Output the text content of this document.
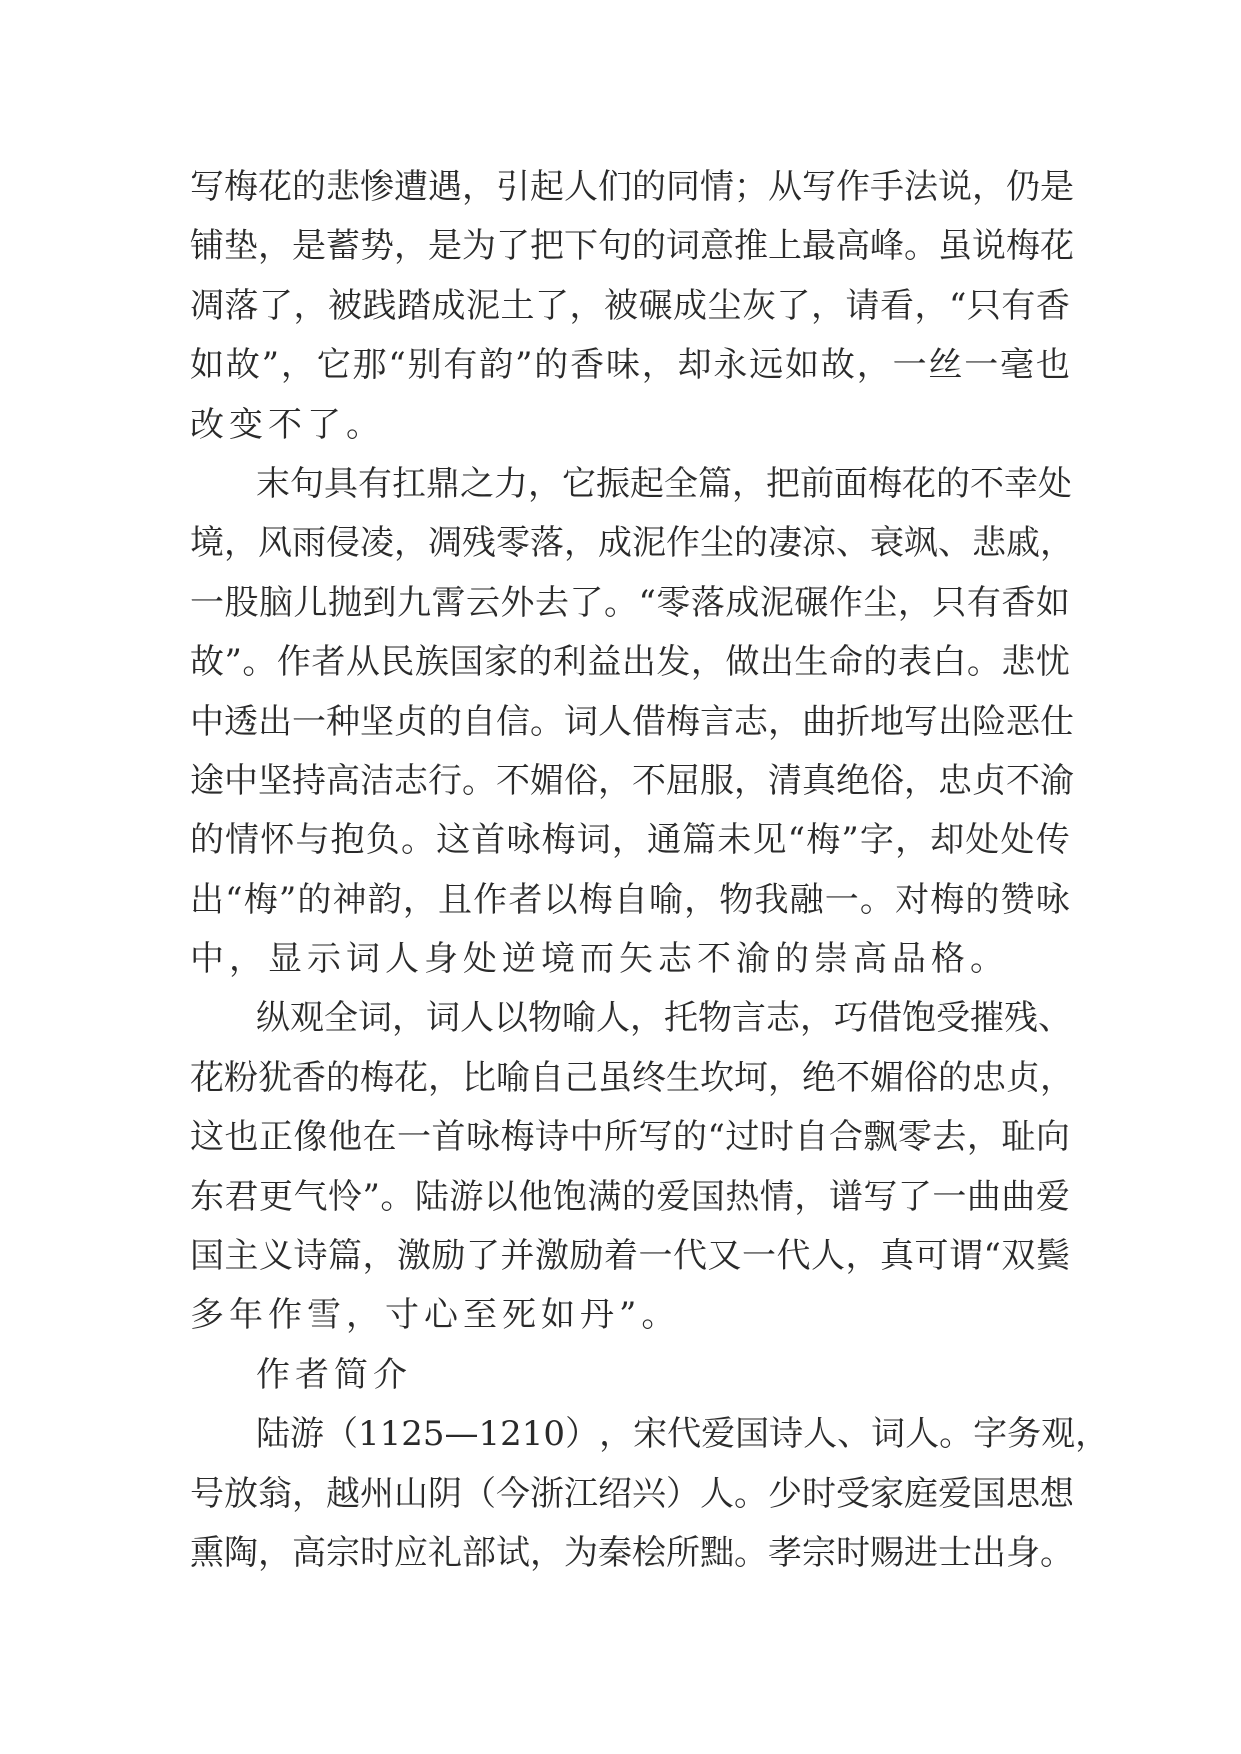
写 梅 花 的 悲 惨 遭 遇 ， 引 起 人 们 的 同 情 ； 从 写 作 手 法 说 ， 仍 是
铺 垫 ， 是 蓄 势 ， 是 为 了 把 下 句 的 词 意 推 上 最 高 峰 。 虽 说 梅 花
凋 落 了 ， 被 践 踏 成 泥 土 了 ， 被 碾 成 尘 灰 了 ， 请 看 ， “ 只 有 香
如 故 ” ， 它 那 “ 别 有 韵 ” 的 香 味 ， 却 永 远 如 故 ， 一 丝 一 毫 也
改变不了。
末 句 具 有 扛 鼎 之 力 ， 它 振 起 全 篇 ， 把 前 面 梅 花 的 不 幸 处
境 ， 风 雨 侵 凌 ， 凋 残 零 落 ， 成 泥 作 尘 的 凄 凉 、 衰 飒 、 悲 戚 ，
一 股 脑 儿 抛 到 九 霄 云 外 去 了 。 “ 零 落 成 泥 碾 作 尘 ， 只 有 香 如
故 ” 。 作 者 从 民 族 国 家 的 利 益 出 发 ， 做 出 生 命 的 表 白 。 悲 忧
中 透 出 一 种 坚 贞 的 自 信 。 词 人 借 梅 言 志 ， 曲 折 地 写 出 险 恶 仕
途 中 坚 持 高 洁 志 行 。 不 媚 俗 ， 不 屈 服 ， 清 真 绝 俗 ， 忠 贞 不 渝
的 情 怀 与 抱 负 。 这 首 咏 梅 词 ， 通 篇 未 见 “ 梅 ” 字 ， 却 处 处 传
出 “ 梅 ” 的 神 韵 ， 且 作 者 以 梅 自 喻 ， 物 我 融 一 。 对 梅 的 赞 咏
中，显示词人身处逆境而矢志不渝的崇高品格。
纵 观 全 词 ， 词 人 以 物 喻 人 ， 托 物 言 志 ， 巧 借 饱 受 摧 残 、
花 粉 犹 香 的 梅 花 ， 比 喻 自 己 虽 终 生 坎 坷 ， 绝 不 媚 俗 的 忠 贞 ，
这 也 正 像 他 在 一 首 咏 梅 诗 中 所 写 的 “ 过 时 自 合 飘 零 去 ， 耻 向
东 君 更 气 怜 ” 。 陆 游 以 他 饱 满 的 爱 国 热 情 ， 谱 写 了 一 曲 曲 爱
国 主 义 诗 篇 ， 激 励 了 并 激 励 着 一 代 又 一 代 人 ， 真 可 谓 “ 双 鬓
多年作雪，寸心至死如丹”。
作者简介
陆 游 （ 1125 — 1210 ） ， 宋 代 爱 国 诗 人 、 词 人 。 字 务 观 ，
号 放 翁 ， 越 州 山 阴 （ 今 浙 江 绍 兴 ） 人 。 少 时 受 家 庭 爱 国 思 想
熏 陶 ， 高 宗 时 应 礼 部 试 ， 为 秦 桧 所 黜 。 孝 宗 时 赐 进 士 出 身 。
